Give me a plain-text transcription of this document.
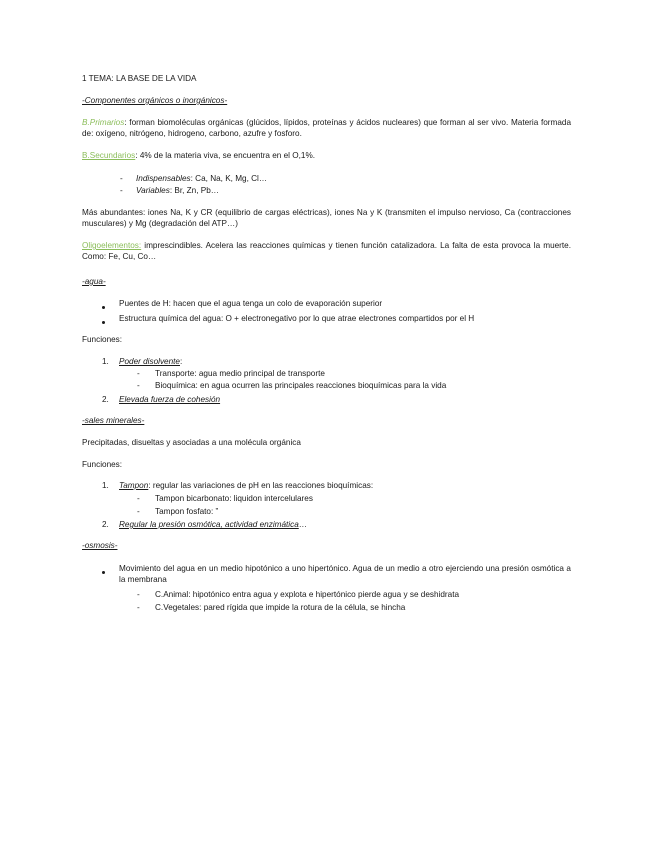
1 TEMA: LA BASE DE LA VIDA

-Componentes orgánicos o inorgánicos-

B.Primarios: forman biomoléculas orgánicas (glúcidos, lípidos, proteínas y ácidos nucleares) que forman al ser vivo. Materia formada de: oxígeno, nitrógeno, hidrogeno, carbono, azufre y fosforo.

B.Secundarios: 4% de la materia viva, se encuentra en el O,1%.

- Indispensables: Ca, Na, K, Mg, Cl…

- Variables: Br, Zn, Pb…

Más abundantes: iones Na, K y CR (equilibrio de cargas eléctricas), iones Na y K (transmiten el impulso nervioso, Ca (contracciones musculares) y Mg (degradación del ATP…)

Oligoelementos: imprescindibles. Acelera las reacciones químicas y tienen función catalizadora. La falta de esta provoca la muerte. Como: Fe, Cu, Co…

-agua-

Puentes de H: hacen que el agua tenga un colo de evaporación superior

Estructura química del agua: O + electronegativo por lo que atrae electrones compartidos por el H

Funciones:

1. Poder disolvente:

- Transporte: agua medio principal de transporte

- Bioquímica: en agua ocurren las principales reacciones bioquímicas para la vida

2. Elevada fuerza de cohesión

-sales minerales-

Precipitadas, disueltas y asociadas a una molécula orgánica

Funciones:

1. Tampon: regular las variaciones de pH en las reacciones bioquímicas:

- Tampon bicarbonato: liquidon intercelulares

- Tampon fosfato: ”

2. Regular la presión osmótica, actividad enzimática…

-osmosis-

Movimiento del agua en un medio hipotónico a uno hipertónico. Agua de un medio a otro ejerciendo una presión osmótica a la membrana

- C.Animal: hipotónico entra agua y explota e hipertónico pierde agua y se deshidrata

- C.Vegetales: pared rígida que impide la rotura de la célula, se hincha
